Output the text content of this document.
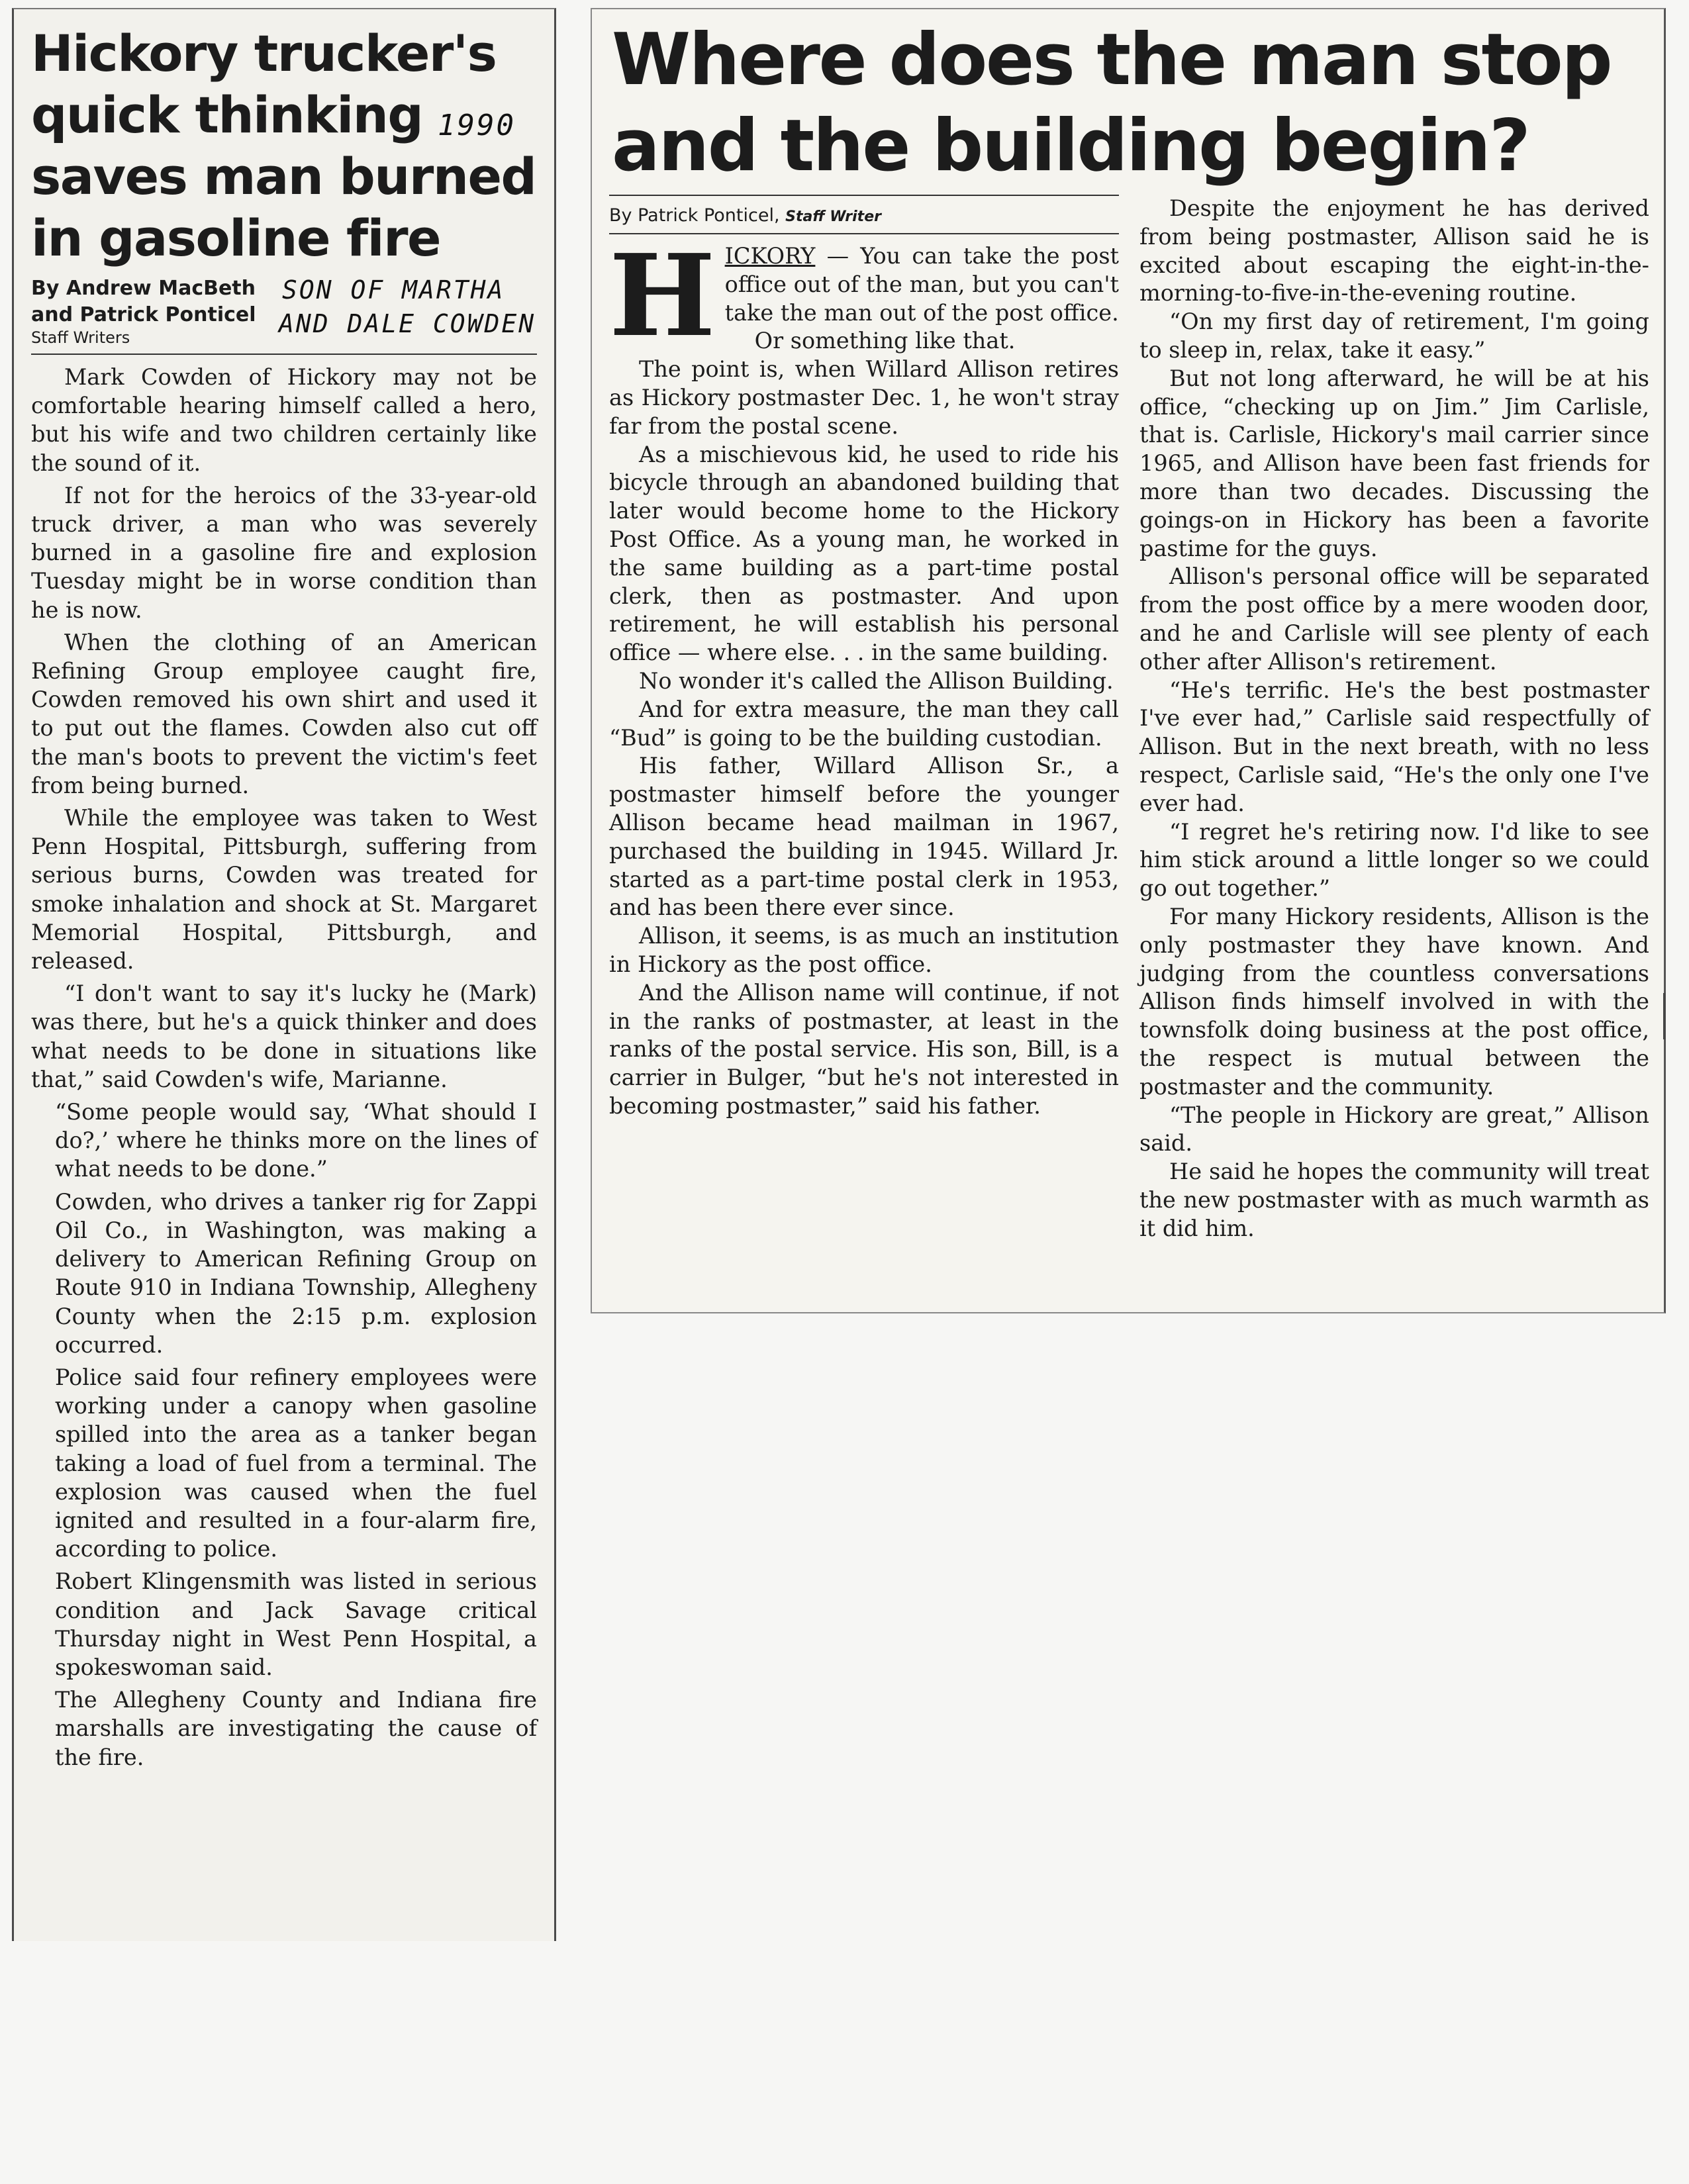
Hickory trucker's quick thinking saves man burned in gasoline fire
1990
SON OF MARTHA
AND DALE COWDEN
By Andrew MacBeth
and Patrick Ponticel
Staff Writers

Mark Cowden of Hickory may not be comfortable hearing himself called a hero, but his wife and two children certainly like the sound of it.

If not for the heroics of the 33-year-old truck driver, a man who was severely burned in a gasoline fire and explosion Tuesday might be in worse condition than he is now.

When the clothing of an American Refining Group employee caught fire, Cowden removed his own shirt and used it to put out the flames. Cowden also cut off the man's boots to prevent the victim's feet from being burned.

While the employee was taken to West Penn Hospital, Pittsburgh, suffering from serious burns, Cowden was treated for smoke inhalation and shock at St. Margaret Memorial Hospital, Pittsburgh, and released.

“I don't want to say it's lucky he (Mark) was there, but he's a quick thinker and does what needs to be done in situations like that,” said Cowden's wife, Marianne.

“Some people would say, ‘What should I do?,’ where he thinks more on the lines of what needs to be done.”

Cowden, who drives a tanker rig for Zappi Oil Co., in Washington, was making a delivery to American Refining Group on Route 910 in Indiana Township, Allegheny County when the 2:15 p.m. explosion occurred.

Police said four refinery employees were working under a canopy when gasoline spilled into the area as a tanker began taking a load of fuel from a terminal. The explosion was caused when the fuel ignited and resulted in a four-alarm fire, according to police.

Robert Klingensmith was listed in serious condition and Jack Savage critical Thursday night in West Penn Hospital, a spokeswoman said.

The Allegheny County and Indiana fire marshalls are investigating the cause of the fire.

Where does the man stop and the building begin?
By Patrick Ponticel, Staff Writer

HICKORY — You can take the post office out of the man, but you can't take the man out of the post office.

Or something like that.

The point is, when Willard Allison retires as Hickory postmaster Dec. 1, he won't stray far from the postal scene.

As a mischievous kid, he used to ride his bicycle through an abandoned building that later would become home to the Hickory Post Office. As a young man, he worked in the same building as a part-time postal clerk, then as postmaster. And upon retirement, he will establish his personal office — where else. . . in the same building.

No wonder it's called the Allison Building.

And for extra measure, the man they call “Bud” is going to be the building custodian.

His father, Willard Allison Sr., a postmaster himself before the younger Allison became head mailman in 1967, purchased the building in 1945. Willard Jr. started as a part-time postal clerk in 1953, and has been there ever since.

Allison, it seems, is as much an institution in Hickory as the post office.

And the Allison name will continue, if not in the ranks of postmaster, at least in the ranks of the postal service. His son, Bill, is a carrier in Bulger, “but he's not interested in becoming postmaster,” said his father.

Despite the enjoyment he has derived from being postmaster, Allison said he is excited about escaping the eight-in-the-morning-to-five-in-the-evening routine.

“On my first day of retirement, I'm going to sleep in, relax, take it easy.”

But not long afterward, he will be at his office, “checking up on Jim.” Jim Carlisle, that is. Carlisle, Hickory's mail carrier since 1965, and Allison have been fast friends for more than two decades. Discussing the goings-on in Hickory has been a favorite pastime for the guys.

Allison's personal office will be separated from the post office by a mere wooden door, and he and Carlisle will see plenty of each other after Allison's retirement.

“He's terrific. He's the best postmaster I've ever had,” Carlisle said respectfully of Allison. But in the next breath, with no less respect, Carlisle said, “He's the only one I've ever had.

“I regret he's retiring now. I'd like to see him stick around a little longer so we could go out together.”

For many Hickory residents, Allison is the only postmaster they have known. And judging from the countless conversations Allison finds himself involved in with the townsfolk doing business at the post office, the respect is mutual between the postmaster and the community.

“The people in Hickory are great,” Allison said.

He said he hopes the community will treat the new postmaster with as much warmth as it did him.
